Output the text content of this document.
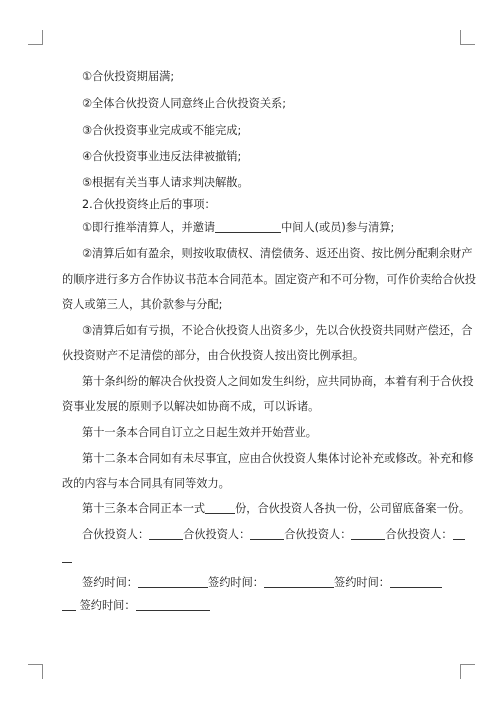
①合伙投资期届满;
②全体合伙投资人同意终止合伙投资关系;
③合伙投资事业完成或不能完成;
④合伙投资事业违反法律被撤销;
⑤根据有关当事人请求判决解散。
2.合伙投资终止后的事项：
①即行推举清算人，并邀请	中间人(或员)参与清算;
②清算后如有盈余，则按收取债权、清偿债务、返还出资、按比例分配剩余财产
的顺序进行多方合作协议书范本合同范本。固定资产和不可分物，可作价卖给合伙投
资人或第三人，其价款参与分配;
③清算后如有亏损，不论合伙投资人出资多少，先以合伙投资共同财产偿还，合
伙投资财产不足清偿的部分，由合伙投资人按出资比例承担。
第十条纠纷的解决合伙投资人之间如发生纠纷，应共同协商，本着有利于合伙投
资事业发展的原则予以解决如协商不成，可以诉诸。
第十一条本合同自订立之日起生效并开始营业。
第十二条本合同如有未尽事宜，应由合伙投资人集体讨论补充或修改。补充和修
改的内容与本合同具有同等效力。
第十三条本合同正本一式	份，合伙投资人各执一份，公司留底备案一份。
合伙投资人：	合伙投资人：	合伙投资人：	合伙投资人：
签约时间：	签约时间：	签约时间：
签约时间：
